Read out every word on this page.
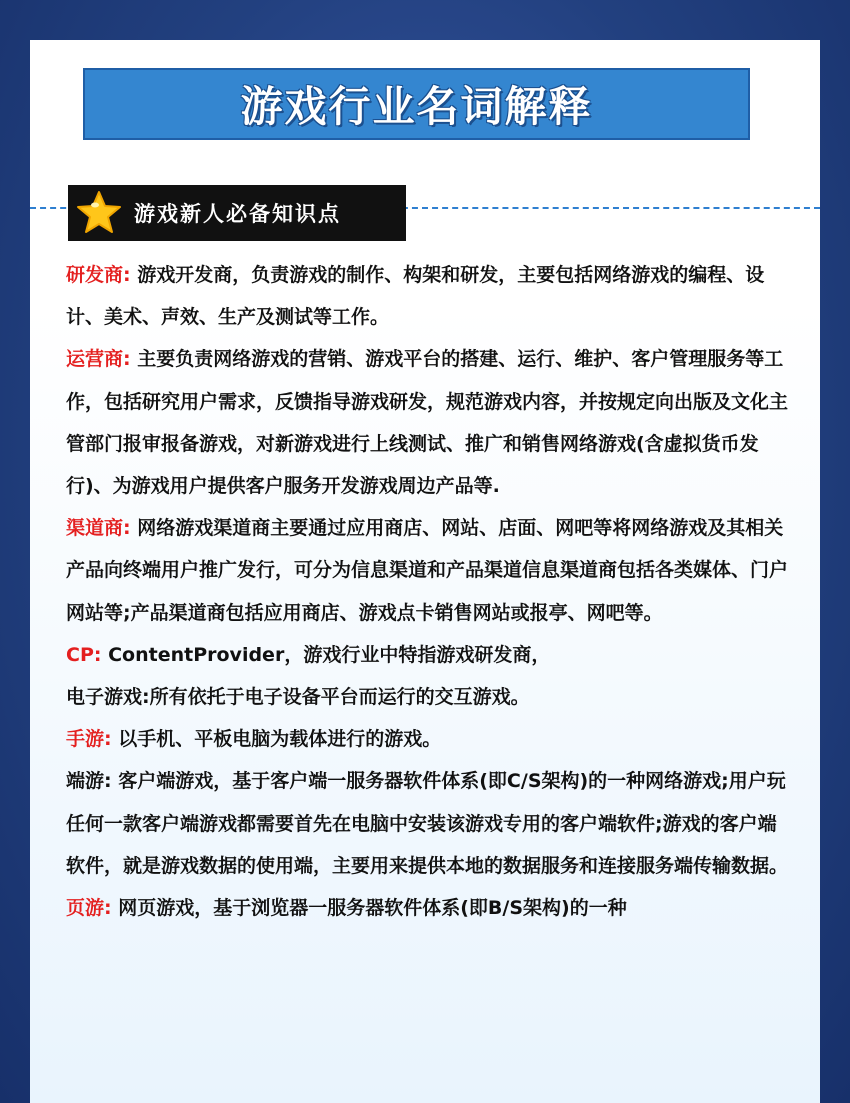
游戏行业名词解释
游戏新人必备知识点

研发商: 游戏开发商，负责游戏的制作、构架和研发，主要包括网络游戏的编程、设计、美术、声效、生产及测试等工作。

运营商: 主要负责网络游戏的营销、游戏平台的搭建、运行、维护、客户管理服务等工作，包括研究用户需求，反馈指导游戏研发，规范游戏内容，并按规定向出版及文化主管部门报审报备游戏，对新游戏进行上线测试、推广和销售网络游戏(含虚拟货币发行)、为游戏用户提供客户服务开发游戏周边产品等.

渠道商: 网络游戏渠道商主要通过应用商店、网站、店面、网吧等将网络游戏及其相关产品向终端用户推广发行，可分为信息渠道和产品渠道信息渠道商包括各类媒体、门户网站等;产品渠道商包括应用商店、游戏点卡销售网站或报亭、网吧等。

CP: ContentProvider，游戏行业中特指游戏研发商，

电子游戏:所有依托于电子设备平台而运行的交互游戏。

手游: 以手机、平板电脑为载体进行的游戏。

端游: 客户端游戏，基于客户端一服务器软件体系(即C/S架构)的一种网络游戏;用户玩任何一款客户端游戏都需要首先在电脑中安装该游戏专用的客户端软件;游戏的客户端软件，就是游戏数据的使用端，主要用来提供本地的数据服务和连接服务端传输数据。

页游: 网页游戏，基于浏览器一服务器软件体系(即B/S架构)的一种
